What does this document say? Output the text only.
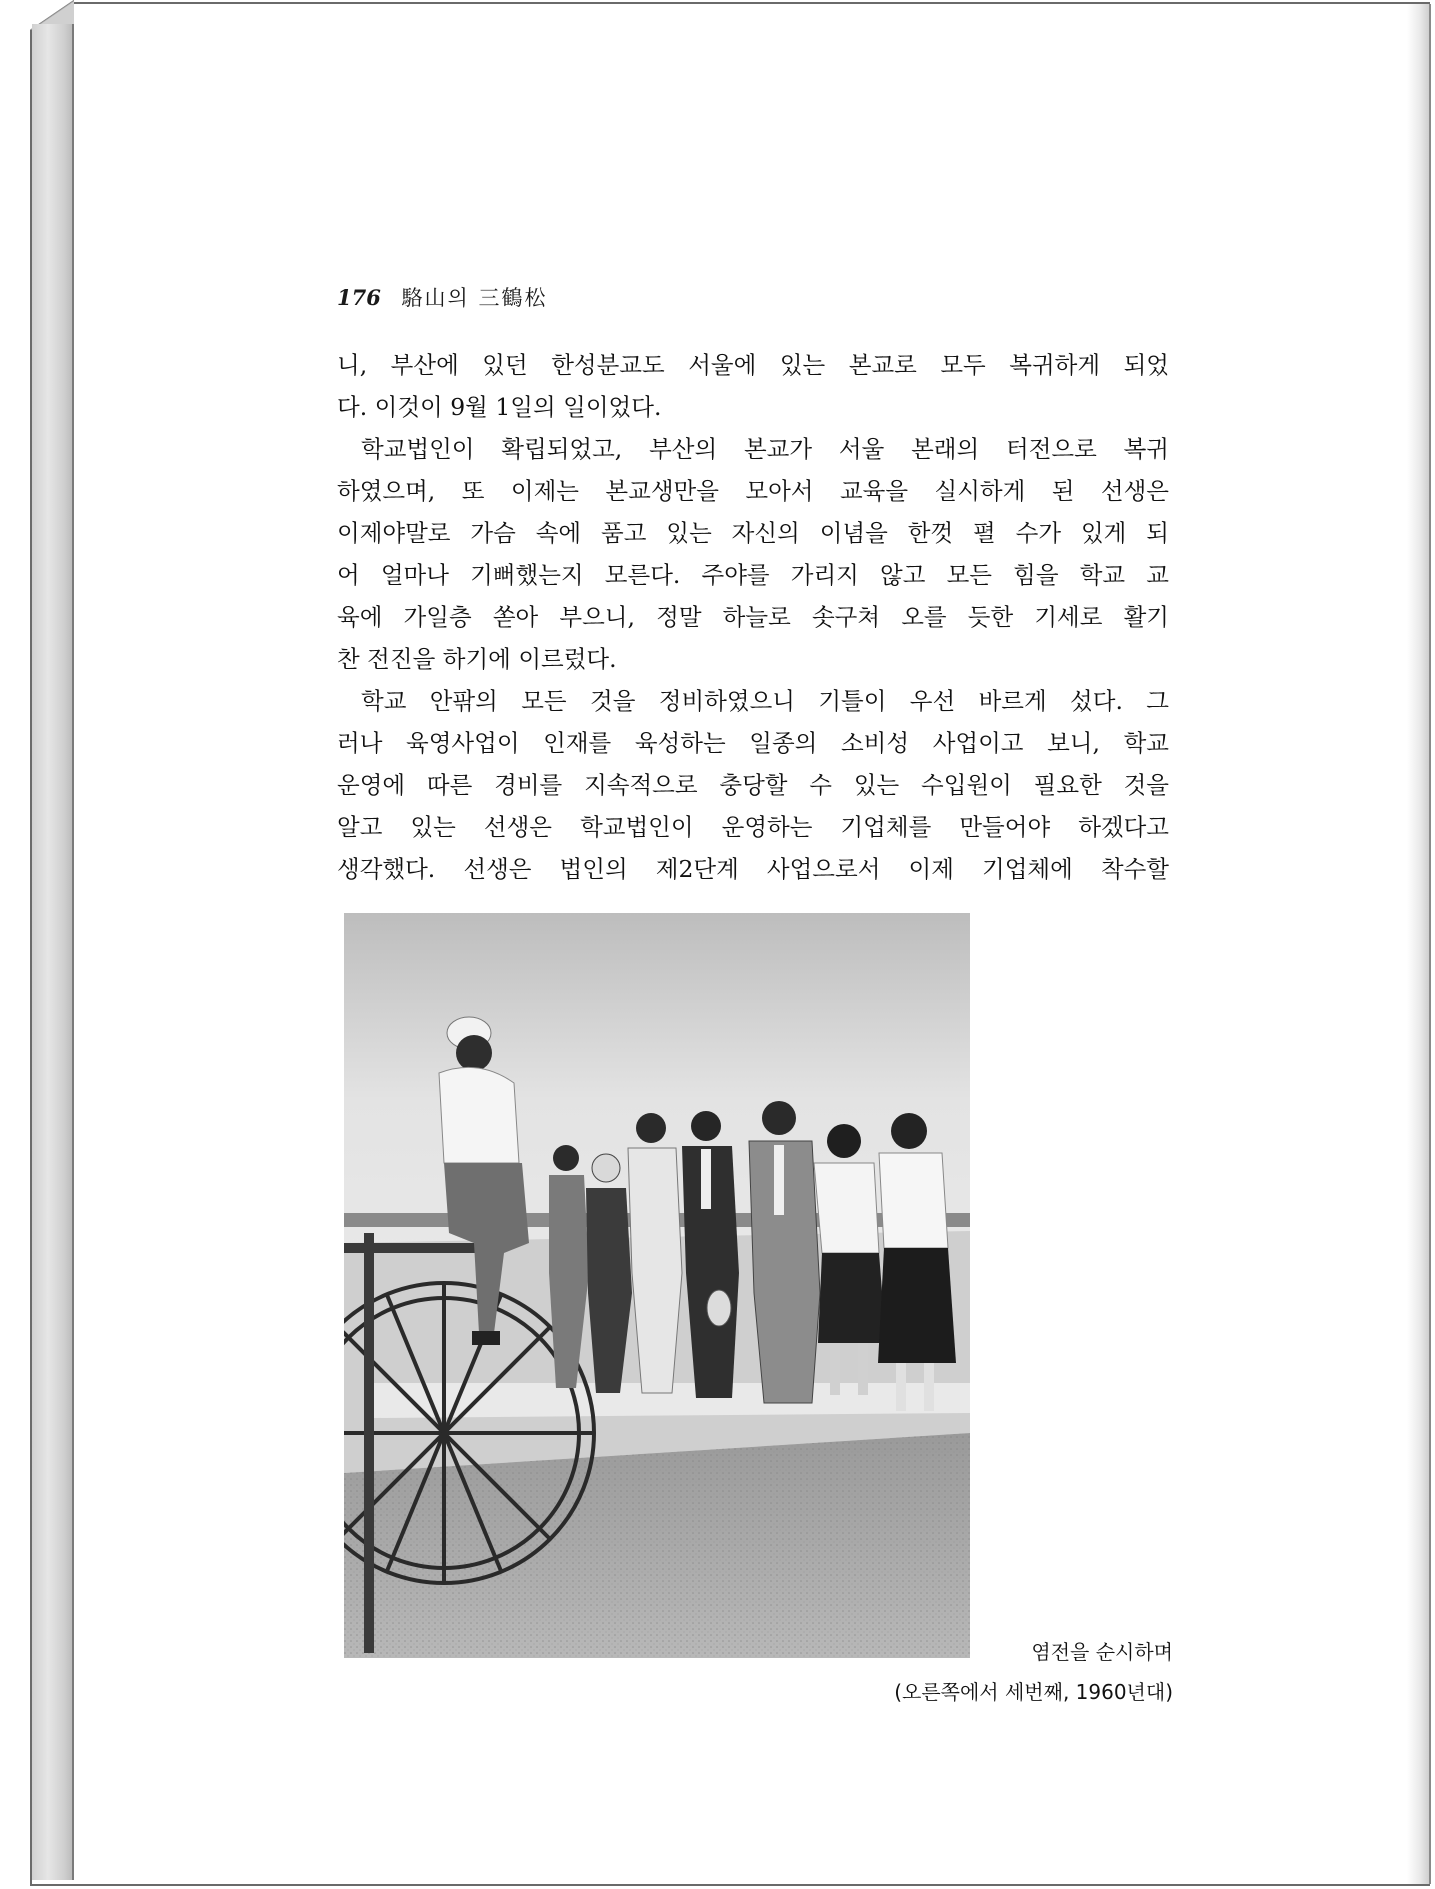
176 駱山의 三鶴松
니, 부산에 있던 한성분교도 서울에 있는 본교로 모두 복귀하게 되었
다. 이것이 9월 1일의 일이었다.
학교법인이 확립되었고, 부산의 본교가 서울 본래의 터전으로 복귀
하였으며, 또 이제는 본교생만을 모아서 교육을 실시하게 된 선생은
이제야말로 가슴 속에 품고 있는 자신의 이념을 한껏 펼 수가 있게 되
어 얼마나 기뻐했는지 모른다. 주야를 가리지 않고 모든 힘을 학교 교
육에 가일층 쏟아 부으니, 정말 하늘로 솟구쳐 오를 듯한 기세로 활기
찬 전진을 하기에 이르렀다.
학교 안팎의 모든 것을 정비하였으니 기틀이 우선 바르게 섰다. 그
러나 육영사업이 인재를 육성하는 일종의 소비성 사업이고 보니, 학교
운영에 따른 경비를 지속적으로 충당할 수 있는 수입원이 필요한 것을
알고 있는 선생은 학교법인이 운영하는 기업체를 만들어야 하겠다고
생각했다. 선생은 법인의 제2단계 사업으로서 이제 기업체에 착수할
염전을 순시하며
(오른쪽에서 세번째, 1960년대)
